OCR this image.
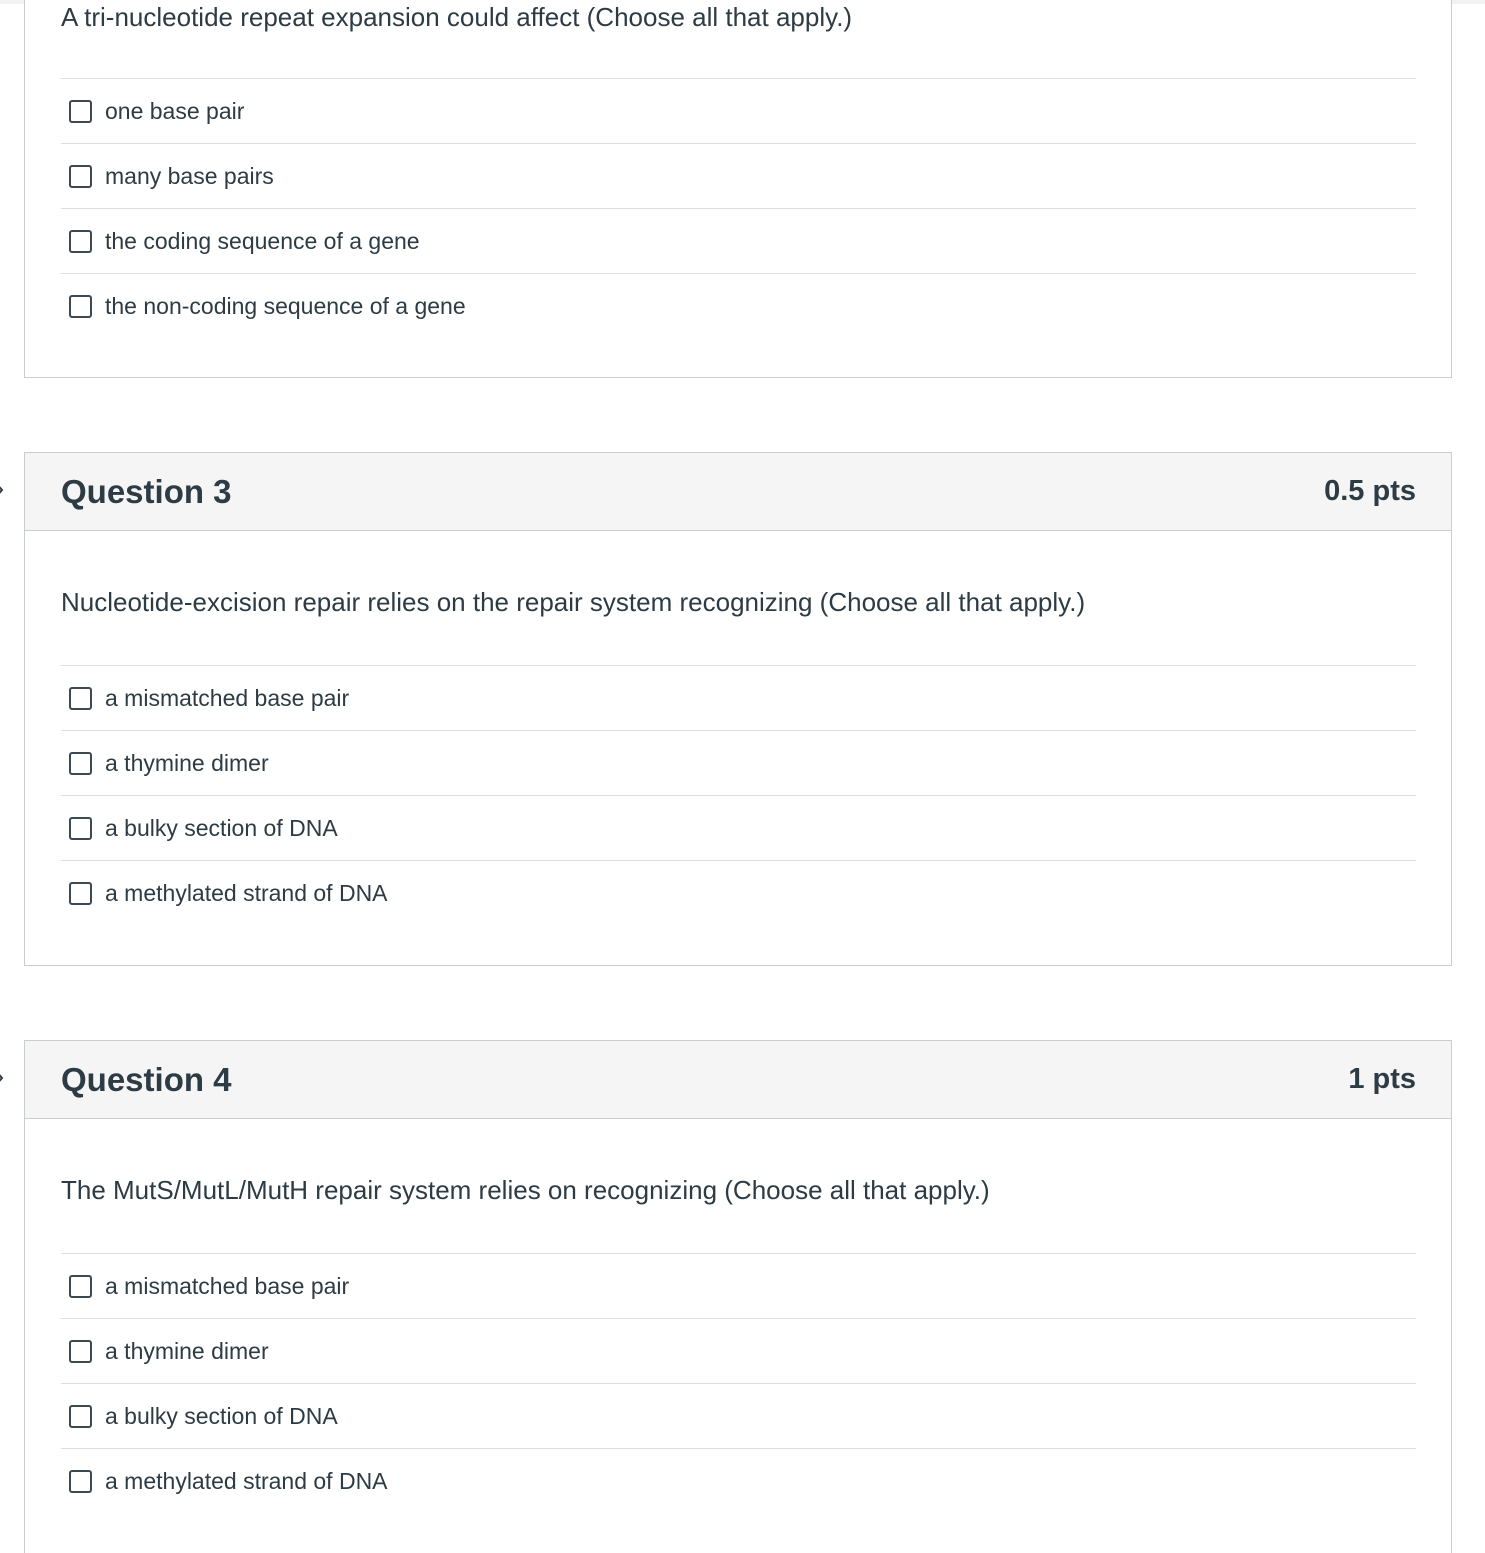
A tri-nucleotide repeat expansion could affect (Choose all that apply.)
one base pair
many base pairs
the coding sequence of a gene
the non-coding sequence of a gene
Question 3	0.5 pts
Nucleotide-excision repair relies on the repair system recognizing (Choose all that apply.)
a mismatched base pair
a thymine dimer
a bulky section of DNA
a methylated strand of DNA
Question 4	1 pts
The MutS/MutL/MutH repair system relies on recognizing (Choose all that apply.)
a mismatched base pair
a thymine dimer
a bulky section of DNA
a methylated strand of DNA
